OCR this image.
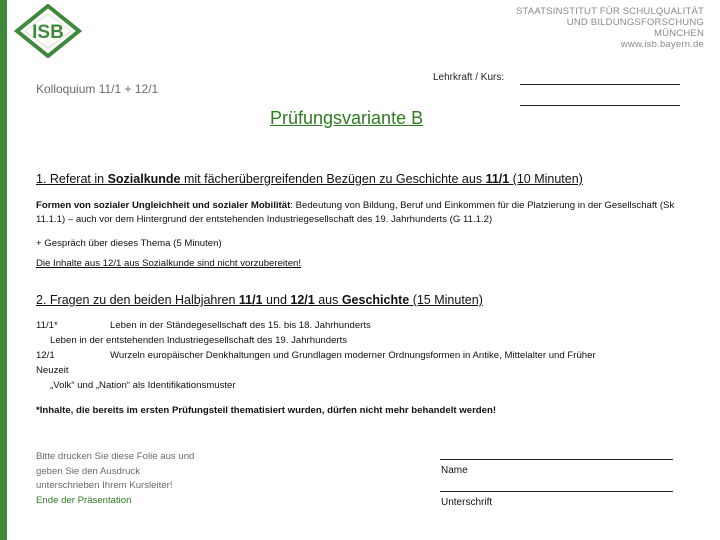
ISB
STAATSINSTITUT FÜR SCHULQUALITÄT
UND BILDUNGSFORSCHUNG
MÜNCHEN
www.isb.bayern.de
Kolloquium 11/1 + 12/1
Lehrkraft / Kurs:
Prüfungsvariante B
1. Referat in Sozialkunde mit fächerübergreifenden Bezügen zu Geschichte aus 11/1 (10 Minuten)
Formen von sozialer Ungleichheit und sozialer Mobilität: Bedeutung von Bildung, Beruf und Einkommen für die Platzierung in der Gesellschaft (Sk 11.1.1) – auch vor dem Hintergrund der entstehenden Industriegesellschaft des 19. Jahrhunderts (G 11.1.2)
+ Gespräch über dieses Thema (5 Minuten)
Die Inhalte aus 12/1 aus Sozialkunde sind nicht vorzubereiten!
2. Fragen zu den beiden Halbjahren 11/1 und 12/1 aus Geschichte (15 Minuten)
11/1*	Leben in der Ständegesellschaft des 15. bis 18. Jahrhunderts
Leben in der entstehenden Industriegesellschaft des 19. Jahrhunderts
12/1	Wurzeln europäischer Denkhaltungen und Grundlagen moderner Ordnungsformen in Antike, Mittelalter und Früher
Neuzeit
„Volk“ und „Nation“ als Identifikationsmuster
*Inhalte, die bereits im ersten Prüfungsteil thematisiert wurden, dürfen nicht mehr behandelt werden!
Bitte drucken Sie diese Folie aus und
geben Sie den Ausdruck
unterschrieben Ihrem Kursleiter!
Ende der Präsentation
Name
Unterschrift
